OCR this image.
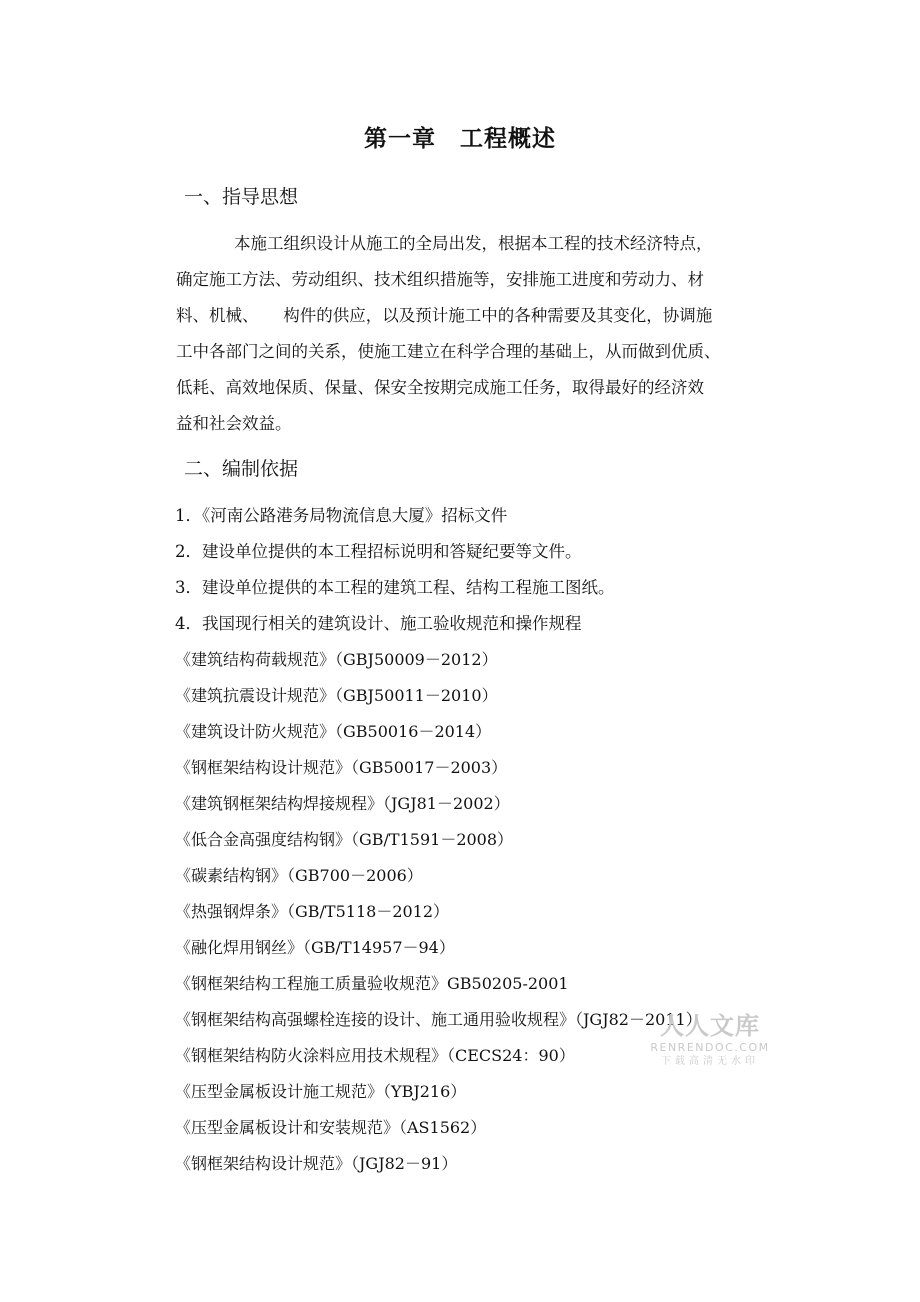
第一章　工程概述
一、指导思想
本施工组织设计从施工的全局出发，根据本工程的技术经济特点，
确定施工方法、劳动组织、技术组织措施等，安排施工进度和劳动力、材
料、机械、　　构件的供应，以及预计施工中的各种需要及其变化，协调施
工中各部门之间的关系，使施工建立在科学合理的基础上，从而做到优质、
低耗、高效地保质、保量、保安全按期完成施工任务，取得最好的经济效
益和社会效益。
二、编制依据
1．《河南公路港务局物流信息大厦》招标文件
2．建设单位提供的本工程招标说明和答疑纪要等文件。
3．建设单位提供的本工程的建筑工程、结构工程施工图纸。
4．我国现行相关的建筑设计、施工验收规范和操作规程
《建筑结构荷载规范》（GBJ50009－2012）
《建筑抗震设计规范》（GBJ50011－2010）
《建筑设计防火规范》（GB50016－2014）
《钢框架结构设计规范》（GB50017－2003）
《建筑钢框架结构焊接规程》（JGJ81－2002）
《低合金高强度结构钢》（GB/T1591－2008）
《碳素结构钢》（GB700－2006）
《热强钢焊条》（GB/T5118－2012）
《融化焊用钢丝》（GB/T14957－94）
《钢框架结构工程施工质量验收规范》GB50205-2001
《钢框架结构高强螺栓连接的设计、施工通用验收规程》（JGJ82－2011）
《钢框架结构防火涂料应用技术规程》（CECS24：90）
《压型金属板设计施工规范》（YBJ216）
《压型金属板设计和安装规范》（AS1562）
《钢框架结构设计规范》（JGJ82－91）
人人文库
RENRENDOC.COM
下载高清无水印
